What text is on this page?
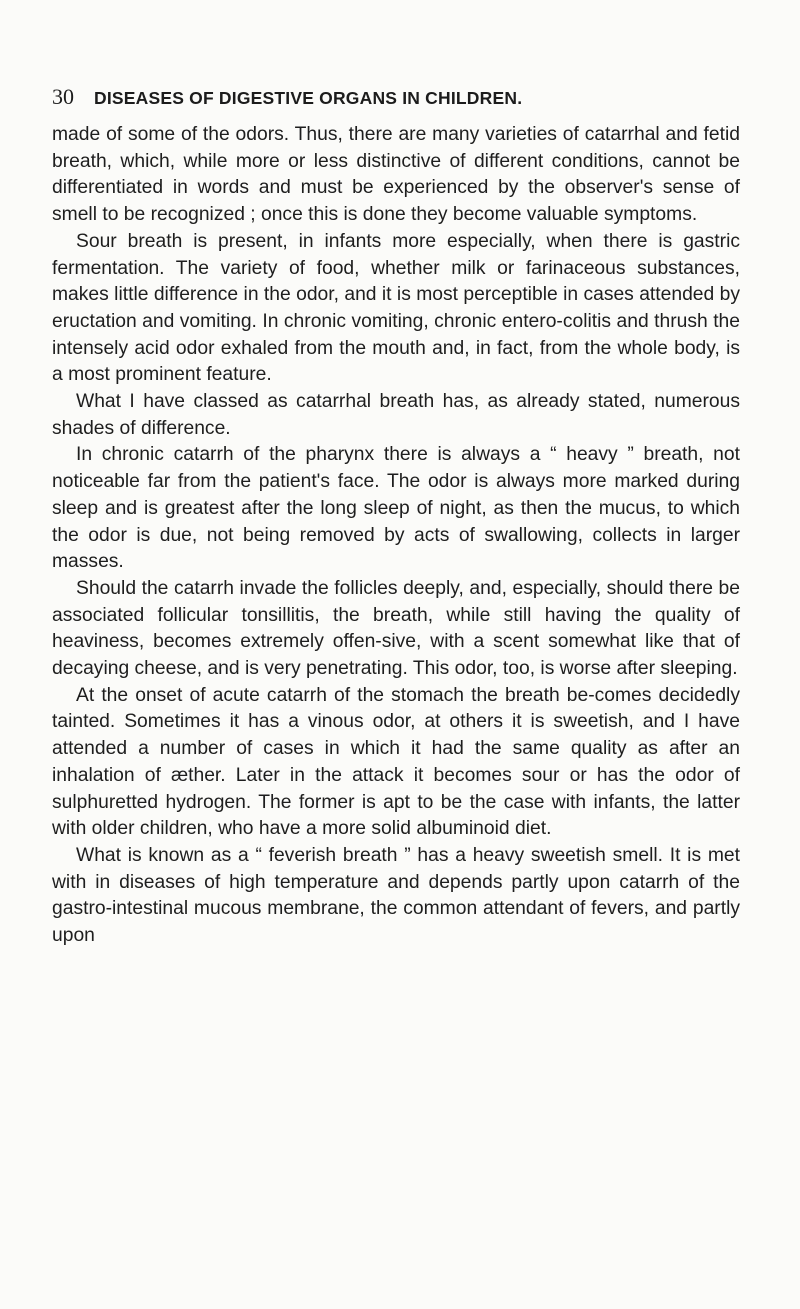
30 DISEASES OF DIGESTIVE ORGANS IN CHILDREN.

made of some of the odors. Thus, there are many varieties of catarrhal and fetid breath, which, while more or less distinctive of different conditions, cannot be differentiated in words and must be experienced by the observer's sense of smell to be recognized ; once this is done they become valuable symptoms.

Sour breath is present, in infants more especially, when there is gastric fermentation. The variety of food, whether milk or farinaceous substances, makes little difference in the odor, and it is most perceptible in cases attended by eructation and vomiting. In chronic vomiting, chronic entero-colitis and thrush the intensely acid odor exhaled from the mouth and, in fact, from the whole body, is a most prominent feature.

What I have classed as catarrhal breath has, as already stated, numerous shades of difference.

In chronic catarrh of the pharynx there is always a “ heavy ” breath, not noticeable far from the patient's face. The odor is always more marked during sleep and is greatest after the long sleep of night, as then the mucus, to which the odor is due, not being removed by acts of swallowing, collects in larger masses.

Should the catarrh invade the follicles deeply, and, especially, should there be associated follicular tonsillitis, the breath, while still having the quality of heaviness, becomes extremely offen-sive, with a scent somewhat like that of decaying cheese, and is very penetrating. This odor, too, is worse after sleeping.

At the onset of acute catarrh of the stomach the breath be-comes decidedly tainted. Sometimes it has a vinous odor, at others it is sweetish, and I have attended a number of cases in which it had the same quality as after an inhalation of æther. Later in the attack it becomes sour or has the odor of sulphuretted hydrogen. The former is apt to be the case with infants, the latter with older children, who have a more solid albuminoid diet.

What is known as a “ feverish breath ” has a heavy sweetish smell. It is met with in diseases of high temperature and depends partly upon catarrh of the gastro-intestinal mucous membrane, the common attendant of fevers, and partly upon
